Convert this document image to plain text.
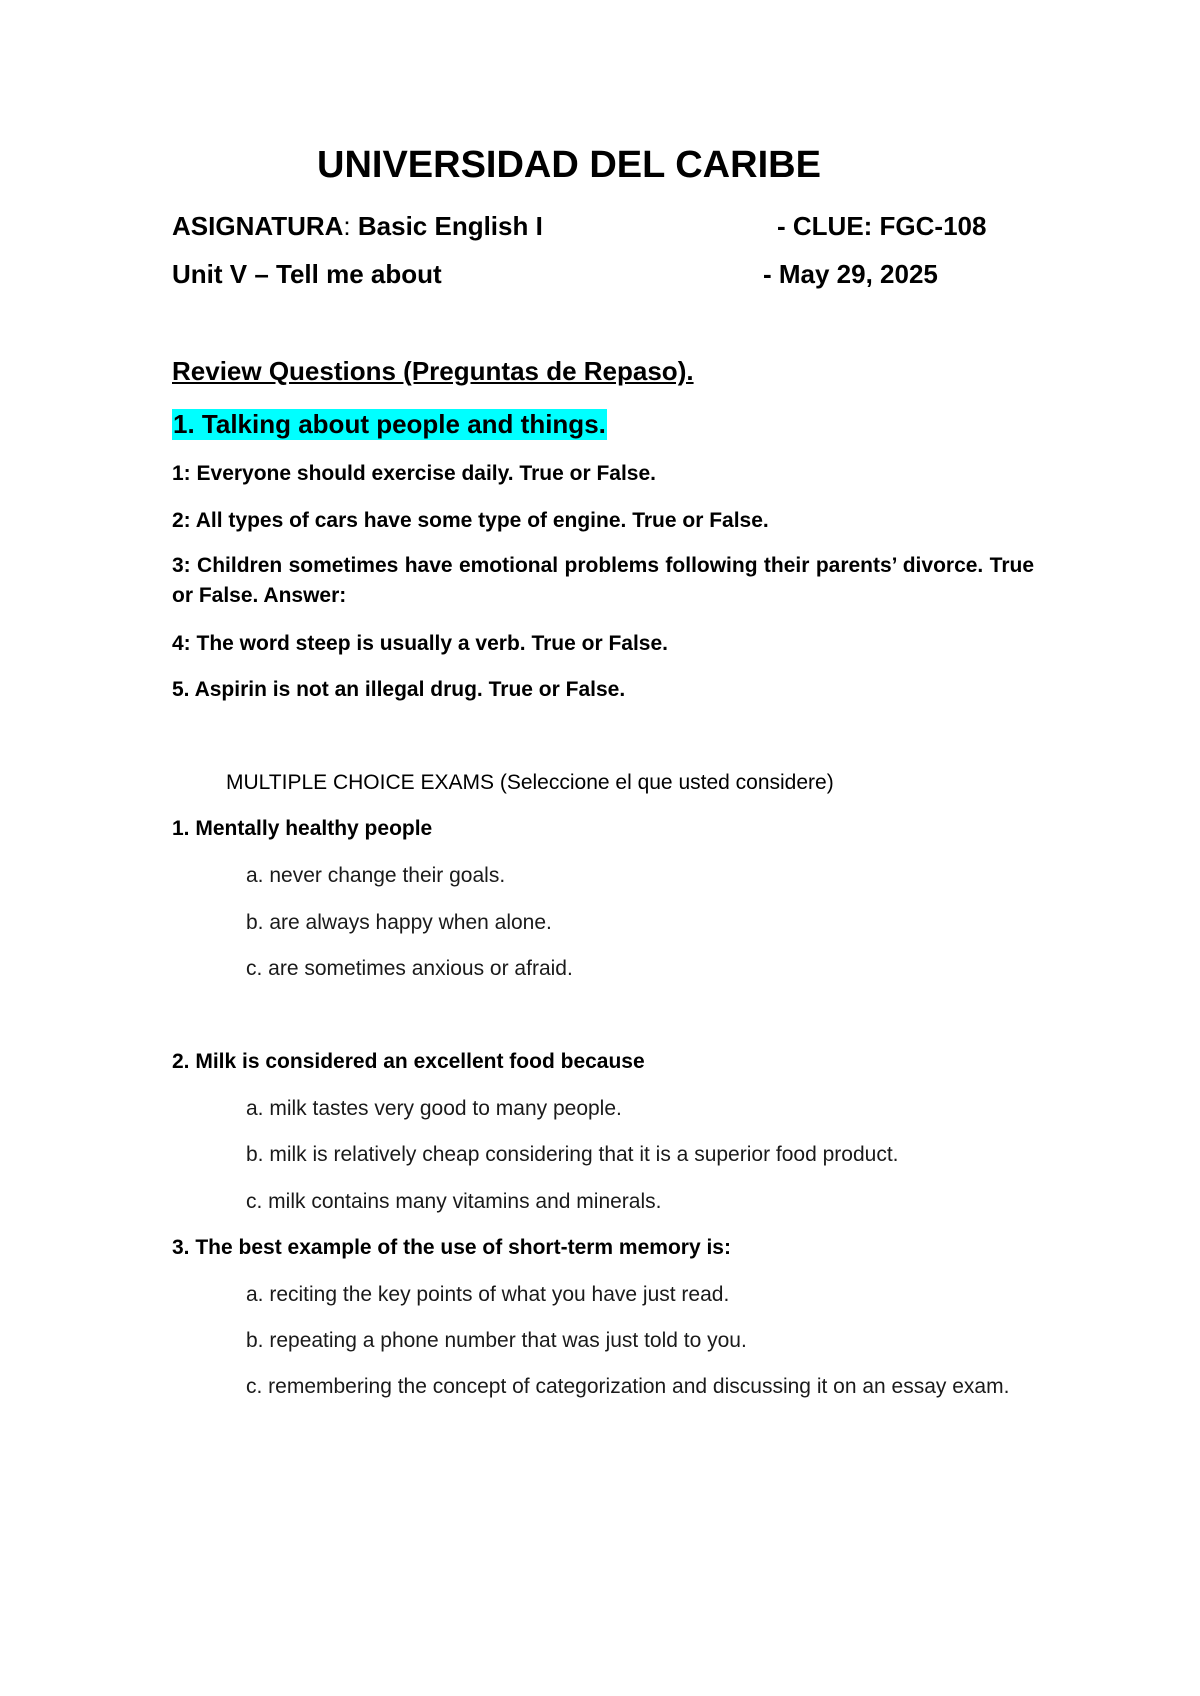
UNIVERSIDAD DEL CARIBE
ASIGNATURA: Basic English I	- CLUE: FGC-108
Unit V – Tell me about	- May 29, 2025
Review Questions (Preguntas de Repaso).
1. Talking about people and things.
1: Everyone should exercise daily. True or False.
2: All types of cars have some type of engine. True or False.
3: Children sometimes have emotional problems following their parents’ divorce. True or False. Answer:
4: The word steep is usually a verb. True or False.
5. Aspirin is not an illegal drug. True or False.
MULTIPLE CHOICE EXAMS (Seleccione el que usted considere)
1. Mentally healthy people
a. never change their goals.
b. are always happy when alone.
c. are sometimes anxious or afraid.
2. Milk is considered an excellent food because
a. milk tastes very good to many people.
b. milk is relatively cheap considering that it is a superior food product.
c. milk contains many vitamins and minerals.
3. The best example of the use of short-term memory is:
a. reciting the key points of what you have just read.
b. repeating a phone number that was just told to you.
c. remembering the concept of categorization and discussing it on an essay exam.
